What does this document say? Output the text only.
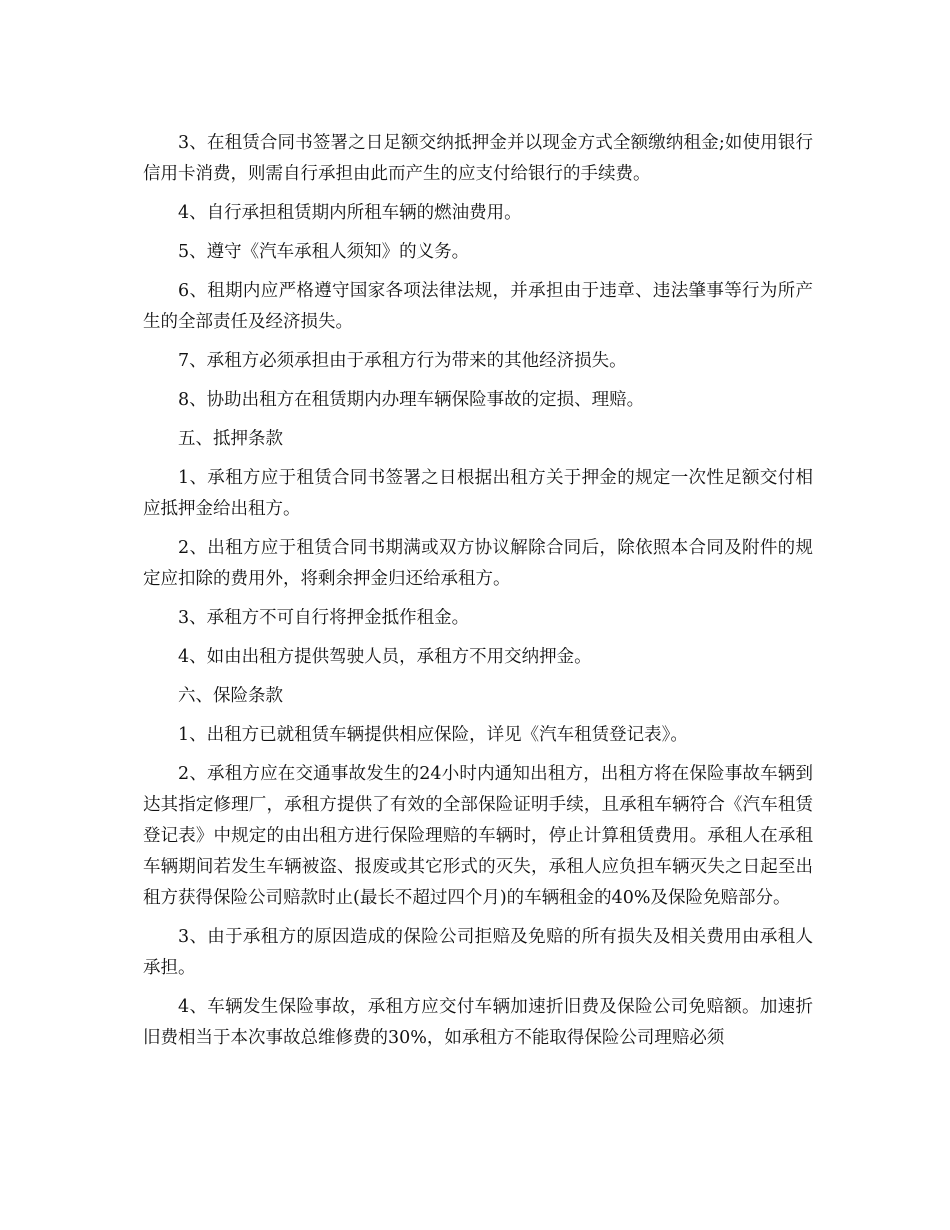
3、在租赁合同书签署之日足额交纳抵押金并以现金方式全额缴纳租金;如使用银行信用卡消费，则需自行承担由此而产生的应支付给银行的手续费。

4、自行承担租赁期内所租车辆的燃油费用。

5、遵守《汽车承租人须知》的义务。

6、租期内应严格遵守国家各项法律法规，并承担由于违章、违法肇事等行为所产生的全部责任及经济损失。

7、承租方必须承担由于承租方行为带来的其他经济损失。

8、协助出租方在租赁期内办理车辆保险事故的定损、理赔。

五、抵押条款

1、承租方应于租赁合同书签署之日根据出租方关于押金的规定一次性足额交付相应抵押金给出租方。

2、出租方应于租赁合同书期满或双方协议解除合同后，除依照本合同及附件的规定应扣除的费用外，将剩余押金归还给承租方。

3、承租方不可自行将押金抵作租金。

4、如由出租方提供驾驶人员，承租方不用交纳押金。

六、保险条款

1、出租方已就租赁车辆提供相应保险，详见《汽车租赁登记表》。

2、承租方应在交通事故发生的24小时内通知出租方，出租方将在保险事故车辆到达其指定修理厂，承租方提供了有效的全部保险证明手续，且承租车辆符合《汽车租赁登记表》中规定的由出租方进行保险理赔的车辆时，停止计算租赁费用。承租人在承租 车辆期间若发生车辆被盗、报废或其它形式的灭失，承租人应负担车辆灭失之日起至出租方获得保险公司赔款时止(最长不超过四个月)的车辆租金的40%及保险免赔部分。

3、由于承租方的原因造成的保险公司拒赔及免赔的所有损失及相关费用由承租人承担。

4、车辆发生保险事故，承租方应交付车辆加速折旧费及保险公司免赔额。加速折旧费相当于本次事故总维修费的30%，如承租方不能取得保险公司理赔必须
